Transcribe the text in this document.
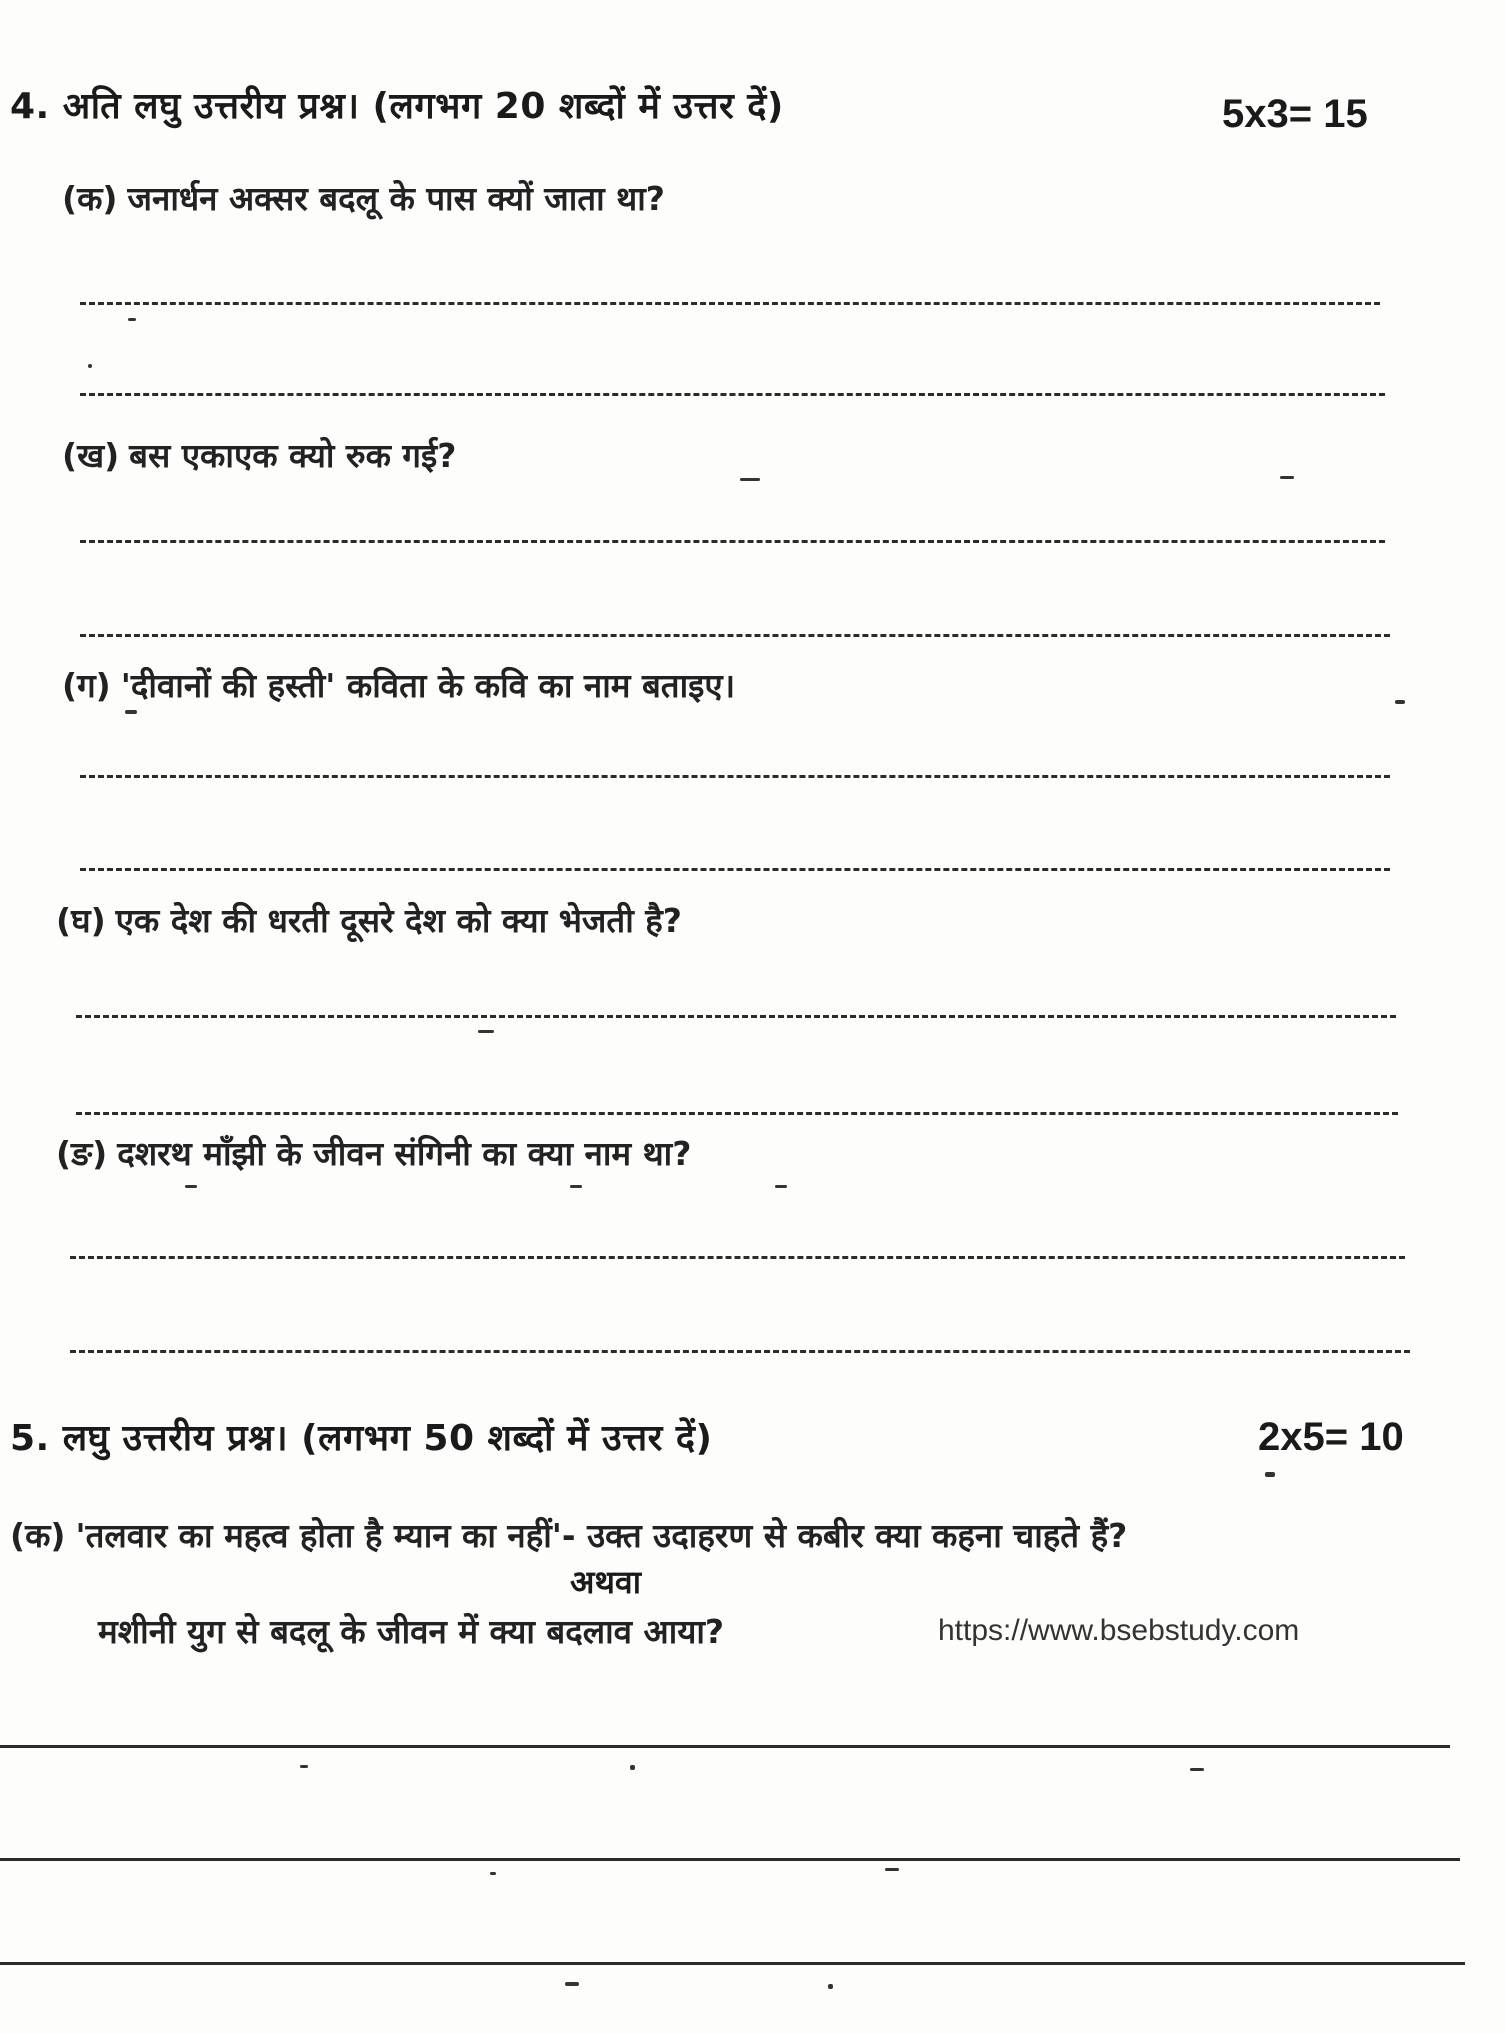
4. अति लघु उत्तरीय प्रश्न। (लगभग 20 शब्दों में उत्तर दें)	5x3= 15
(क) जनार्धन अक्सर बदलू के पास क्यों जाता था?
(ख) बस एकाएक क्यो रुक गई?
(ग) 'दीवानों की हस्ती' कविता के कवि का नाम बताइए।
(घ) एक देश की धरती दूसरे देश को क्या भेजती है?
(ङ) दशरथ माँझी के जीवन संगिनी का क्या नाम था?
5. लघु उत्तरीय प्रश्न। (लगभग 50 शब्दों में उत्तर दें)	2x5= 10
(क) 'तलवार का महत्व होता है म्यान का नहीं'- उक्त उदाहरण से कबीर क्या कहना चाहते हैं?
अथवा
मशीनी युग से बदलू के जीवन में क्या बदलाव आया?	https://www.bsebstudy.com
